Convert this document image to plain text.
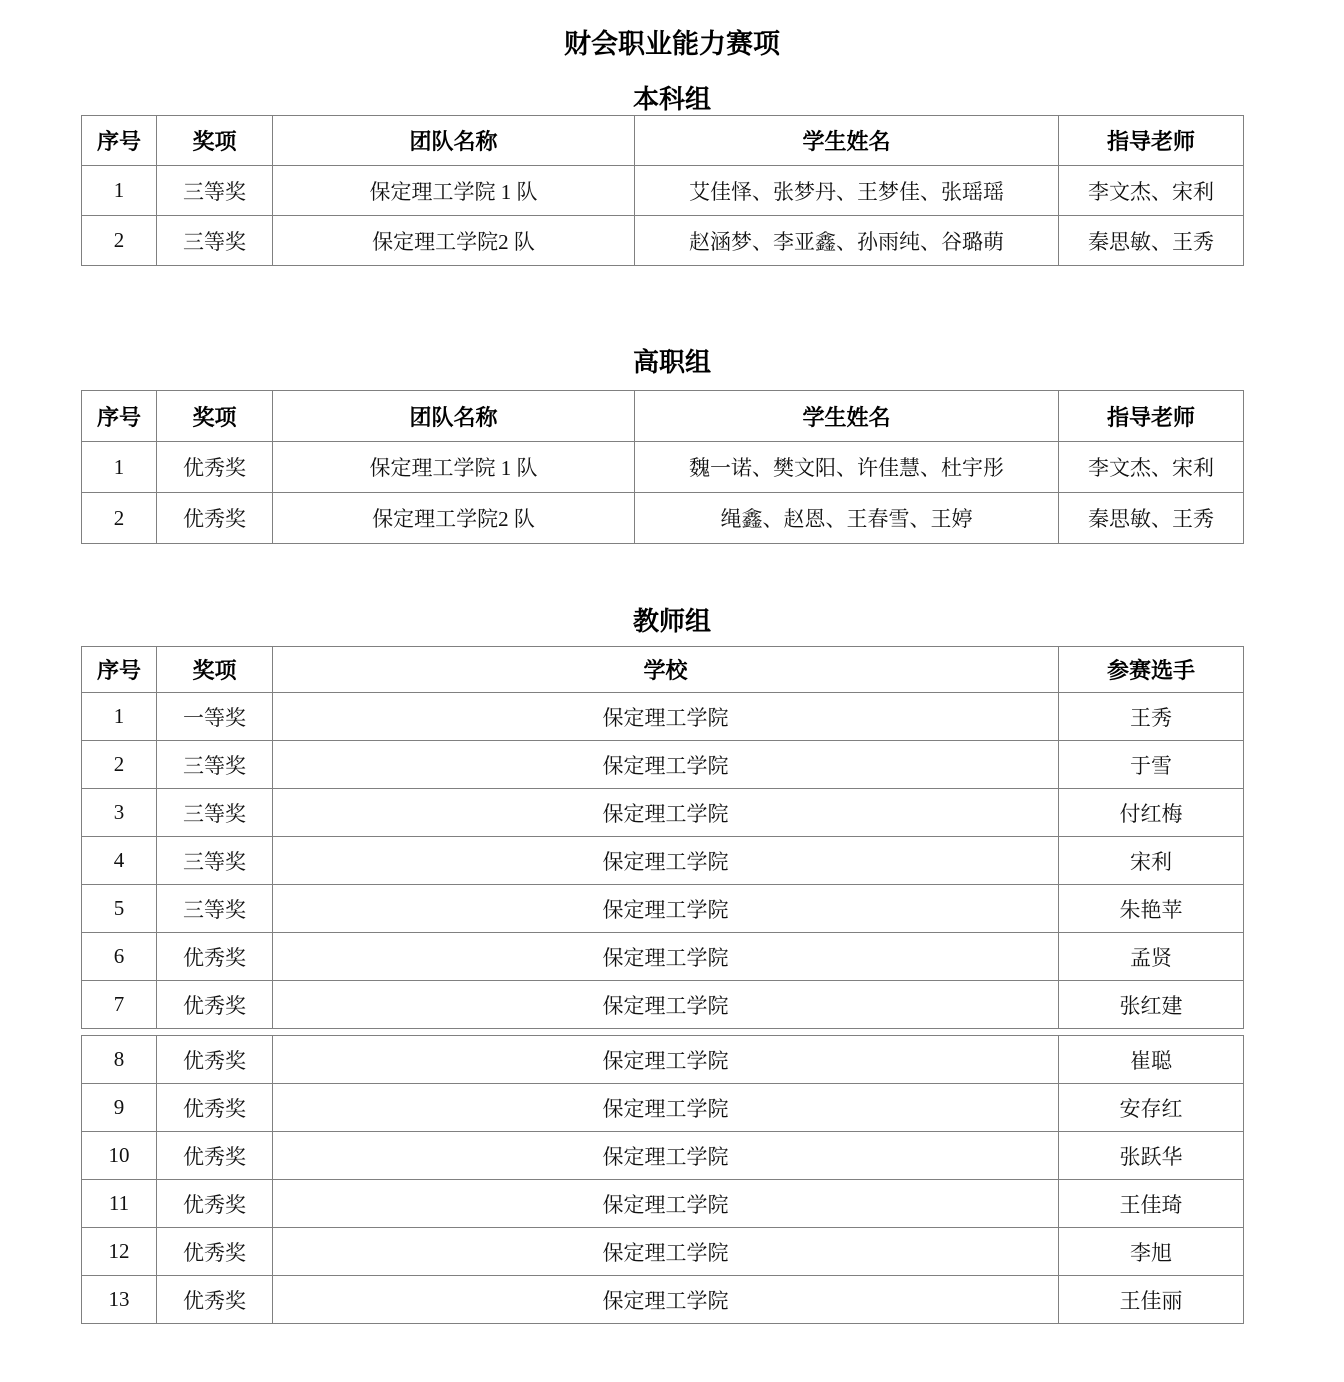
财会职业能力赛项
本科组
序号	奖项	团队名称	学生姓名	指导老师
1	三等奖	保定理工学院 1 队	艾佳怿、张梦丹、王梦佳、张瑶瑶	李文杰、宋利
2	三等奖	保定理工学院2 队	赵涵梦、李亚鑫、孙雨纯、谷璐萌	秦思敏、王秀
高职组
序号	奖项	团队名称	学生姓名	指导老师
1	优秀奖	保定理工学院 1 队	魏一诺、樊文阳、许佳慧、杜宇彤	李文杰、宋利
2	优秀奖	保定理工学院2 队	绳鑫、赵恩、王春雪、王婷	秦思敏、王秀
教师组
序号	奖项	学校	参赛选手
1	一等奖	保定理工学院	王秀
2	三等奖	保定理工学院	于雪
3	三等奖	保定理工学院	付红梅
4	三等奖	保定理工学院	宋利
5	三等奖	保定理工学院	朱艳苹
6	优秀奖	保定理工学院	孟贤
7	优秀奖	保定理工学院	张红建
8	优秀奖	保定理工学院	崔聪
9	优秀奖	保定理工学院	安存红
10	优秀奖	保定理工学院	张跃华
11	优秀奖	保定理工学院	王佳琦
12	优秀奖	保定理工学院	李旭
13	优秀奖	保定理工学院	王佳丽
